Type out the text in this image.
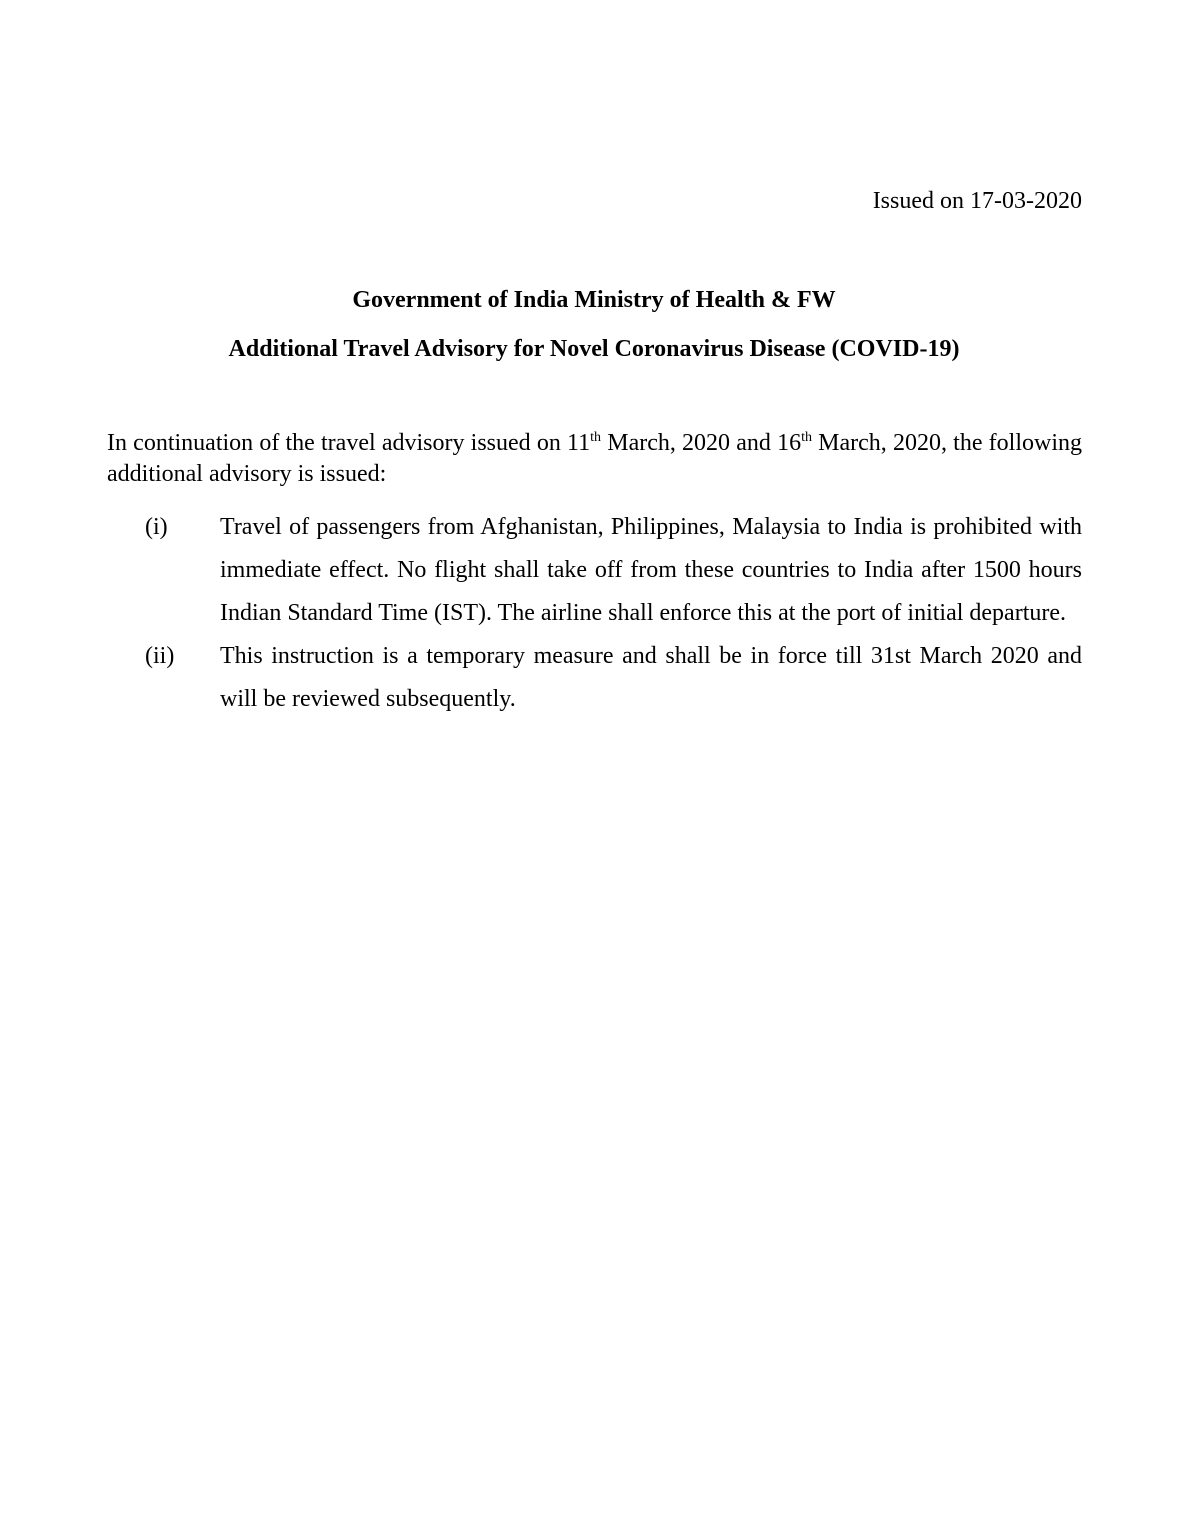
Issued on 17-03-2020
Government of India Ministry of Health & FW
Additional Travel Advisory for Novel Coronavirus Disease (COVID-19)
In continuation of the travel advisory issued on 11th March, 2020 and 16th March, 2020, the following additional advisory is issued:
(i) Travel of passengers from Afghanistan, Philippines, Malaysia to India is prohibited with immediate effect. No flight shall take off from these countries to India after 1500 hours Indian Standard Time (IST). The airline shall enforce this at the port of initial departure.
(ii) This instruction is a temporary measure and shall be in force till 31st March 2020 and will be reviewed subsequently.
